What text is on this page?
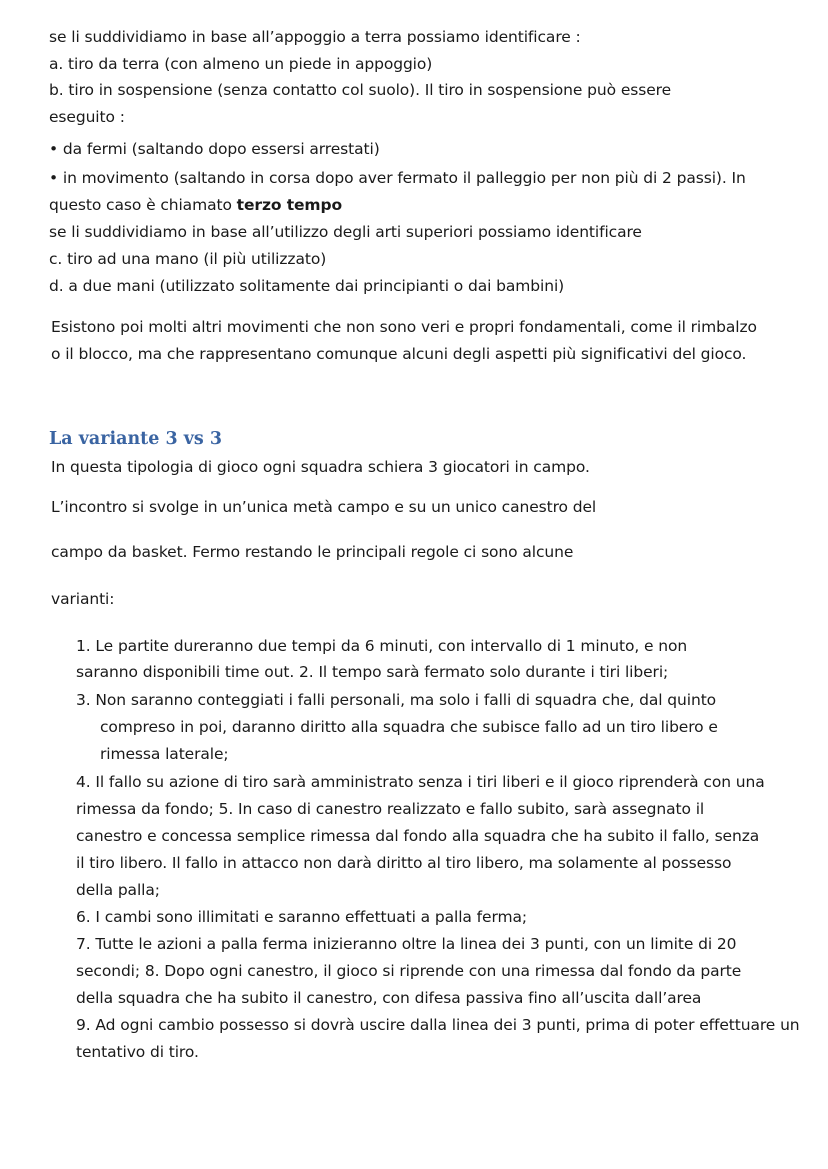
se li suddividiamo in base all’appoggio a terra possiamo identificare :
a. tiro da terra (con almeno un piede in appoggio)
b. tiro in sospensione (senza contatto col suolo). Il tiro in sospensione può essere
eseguito :
• da fermi (saltando dopo essersi arrestati)
• in movimento (saltando in corsa dopo aver fermato il palleggio per non più di 2 passi). In
questo caso è chiamato terzo tempo
se li suddividiamo in base all’utilizzo degli arti superiori possiamo identificare
c. tiro ad una mano (il più utilizzato)
d. a due mani (utilizzato solitamente dai principianti o dai bambini)
Esistono poi molti altri movimenti che non sono veri e propri fondamentali, come il rimbalzo
o il blocco, ma che rappresentano comunque alcuni degli aspetti più significativi del gioco.
La variante 3 vs 3
In questa tipologia di gioco ogni squadra schiera 3 giocatori in campo.
L’incontro si svolge in un’unica metà campo e su un unico canestro del
campo da basket. Fermo restando le principali regole ci sono alcune
varianti:
1. Le partite dureranno due tempi da 6 minuti, con intervallo di 1 minuto, e non
saranno disponibili time out. 2. Il tempo sarà fermato solo durante i tiri liberi;
3. Non saranno conteggiati i falli personali, ma solo i falli di squadra che, dal quinto
compreso in poi, daranno diritto alla squadra che subisce fallo ad un tiro libero e
rimessa laterale;
4. Il fallo su azione di tiro sarà amministrato senza i tiri liberi e il gioco riprenderà con una
rimessa da fondo; 5. In caso di canestro realizzato e fallo subito, sarà assegnato il
canestro e concessa semplice rimessa dal fondo alla squadra che ha subito il fallo, senza
il tiro libero. Il fallo in attacco non darà diritto al tiro libero, ma solamente al possesso
della palla;
6. I cambi sono illimitati e saranno effettuati a palla ferma;
7. Tutte le azioni a palla ferma inizieranno oltre la linea dei 3 punti, con un limite di 20
secondi; 8. Dopo ogni canestro, il gioco si riprende con una rimessa dal fondo da parte
della squadra che ha subito il canestro, con difesa passiva fino all’uscita dall’area
9. Ad ogni cambio possesso si dovrà uscire dalla linea dei 3 punti, prima di poter effettuare un
tentativo di tiro.
